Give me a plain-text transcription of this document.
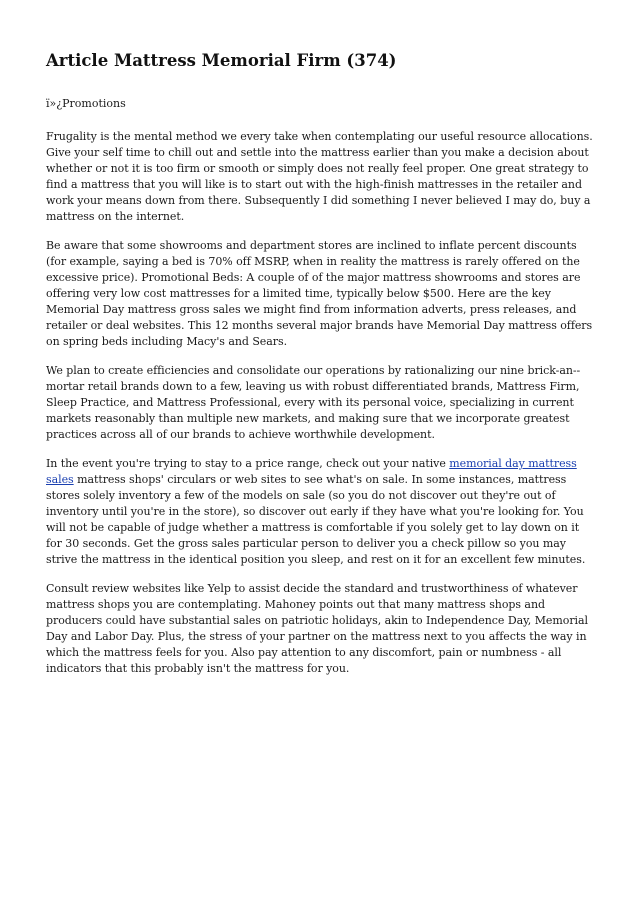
Article Mattress Memorial Firm (374)
ï»¿Promotions

Frugality is the mental method we every take when contemplating our useful resource allocations. Give your self time to chill out and settle into the mattress earlier than you make a decision about whether or not it is too firm or smooth or simply does not really feel proper. One great strategy to find a mattress that you will like is to start out with the high-finish mattresses in the retailer and work your means down from there. Subsequently I did something I never believed I may do, buy a mattress on the internet.

Be aware that some showrooms and department stores are inclined to inflate percent discounts (for example, saying a bed is 70% off MSRP, when in reality the mattress is rarely offered on the excessive price). Promotional Beds: A couple of of the major mattress showrooms and stores are offering very low cost mattresses for a limited time, typically below $500. Here are the key Memorial Day mattress gross sales we might find from information adverts, press releases, and retailer or deal websites. This 12 months several major brands have Memorial Day mattress offers on spring beds including Macy's and Sears.

We plan to create efficiencies and consolidate our operations by rationalizing our nine brick-an--mortar retail brands down to a few, leaving us with robust differentiated brands, Mattress Firm, Sleep Practice, and Mattress Professional, every with its personal voice, specializing in current markets reasonably than multiple new markets, and making sure that we incorporate greatest practices across all of our brands to achieve worthwhile development.

In the event you're trying to stay to a price range, check out your native memorial day mattress sales mattress shops' circulars or web sites to see what's on sale. In some instances, mattress stores solely inventory a few of the models on sale (so you do not discover out they're out of inventory until you're in the store), so discover out early if they have what you're looking for. You will not be capable of judge whether a mattress is comfortable if you solely get to lay down on it for 30 seconds. Get the gross sales particular person to deliver you a check pillow so you may strive the mattress in the identical position you sleep, and rest on it for an excellent few minutes.

Consult review websites like Yelp to assist decide the standard and trustworthiness of whatever mattress shops you are contemplating. Mahoney points out that many mattress shops and producers could have substantial sales on patriotic holidays, akin to Independence Day, Memorial Day and Labor Day. Plus, the stress of your partner on the mattress next to you affects the way in which the mattress feels for you. Also pay attention to any discomfort, pain or numbness - all indicators that this probably isn't the mattress for you.
